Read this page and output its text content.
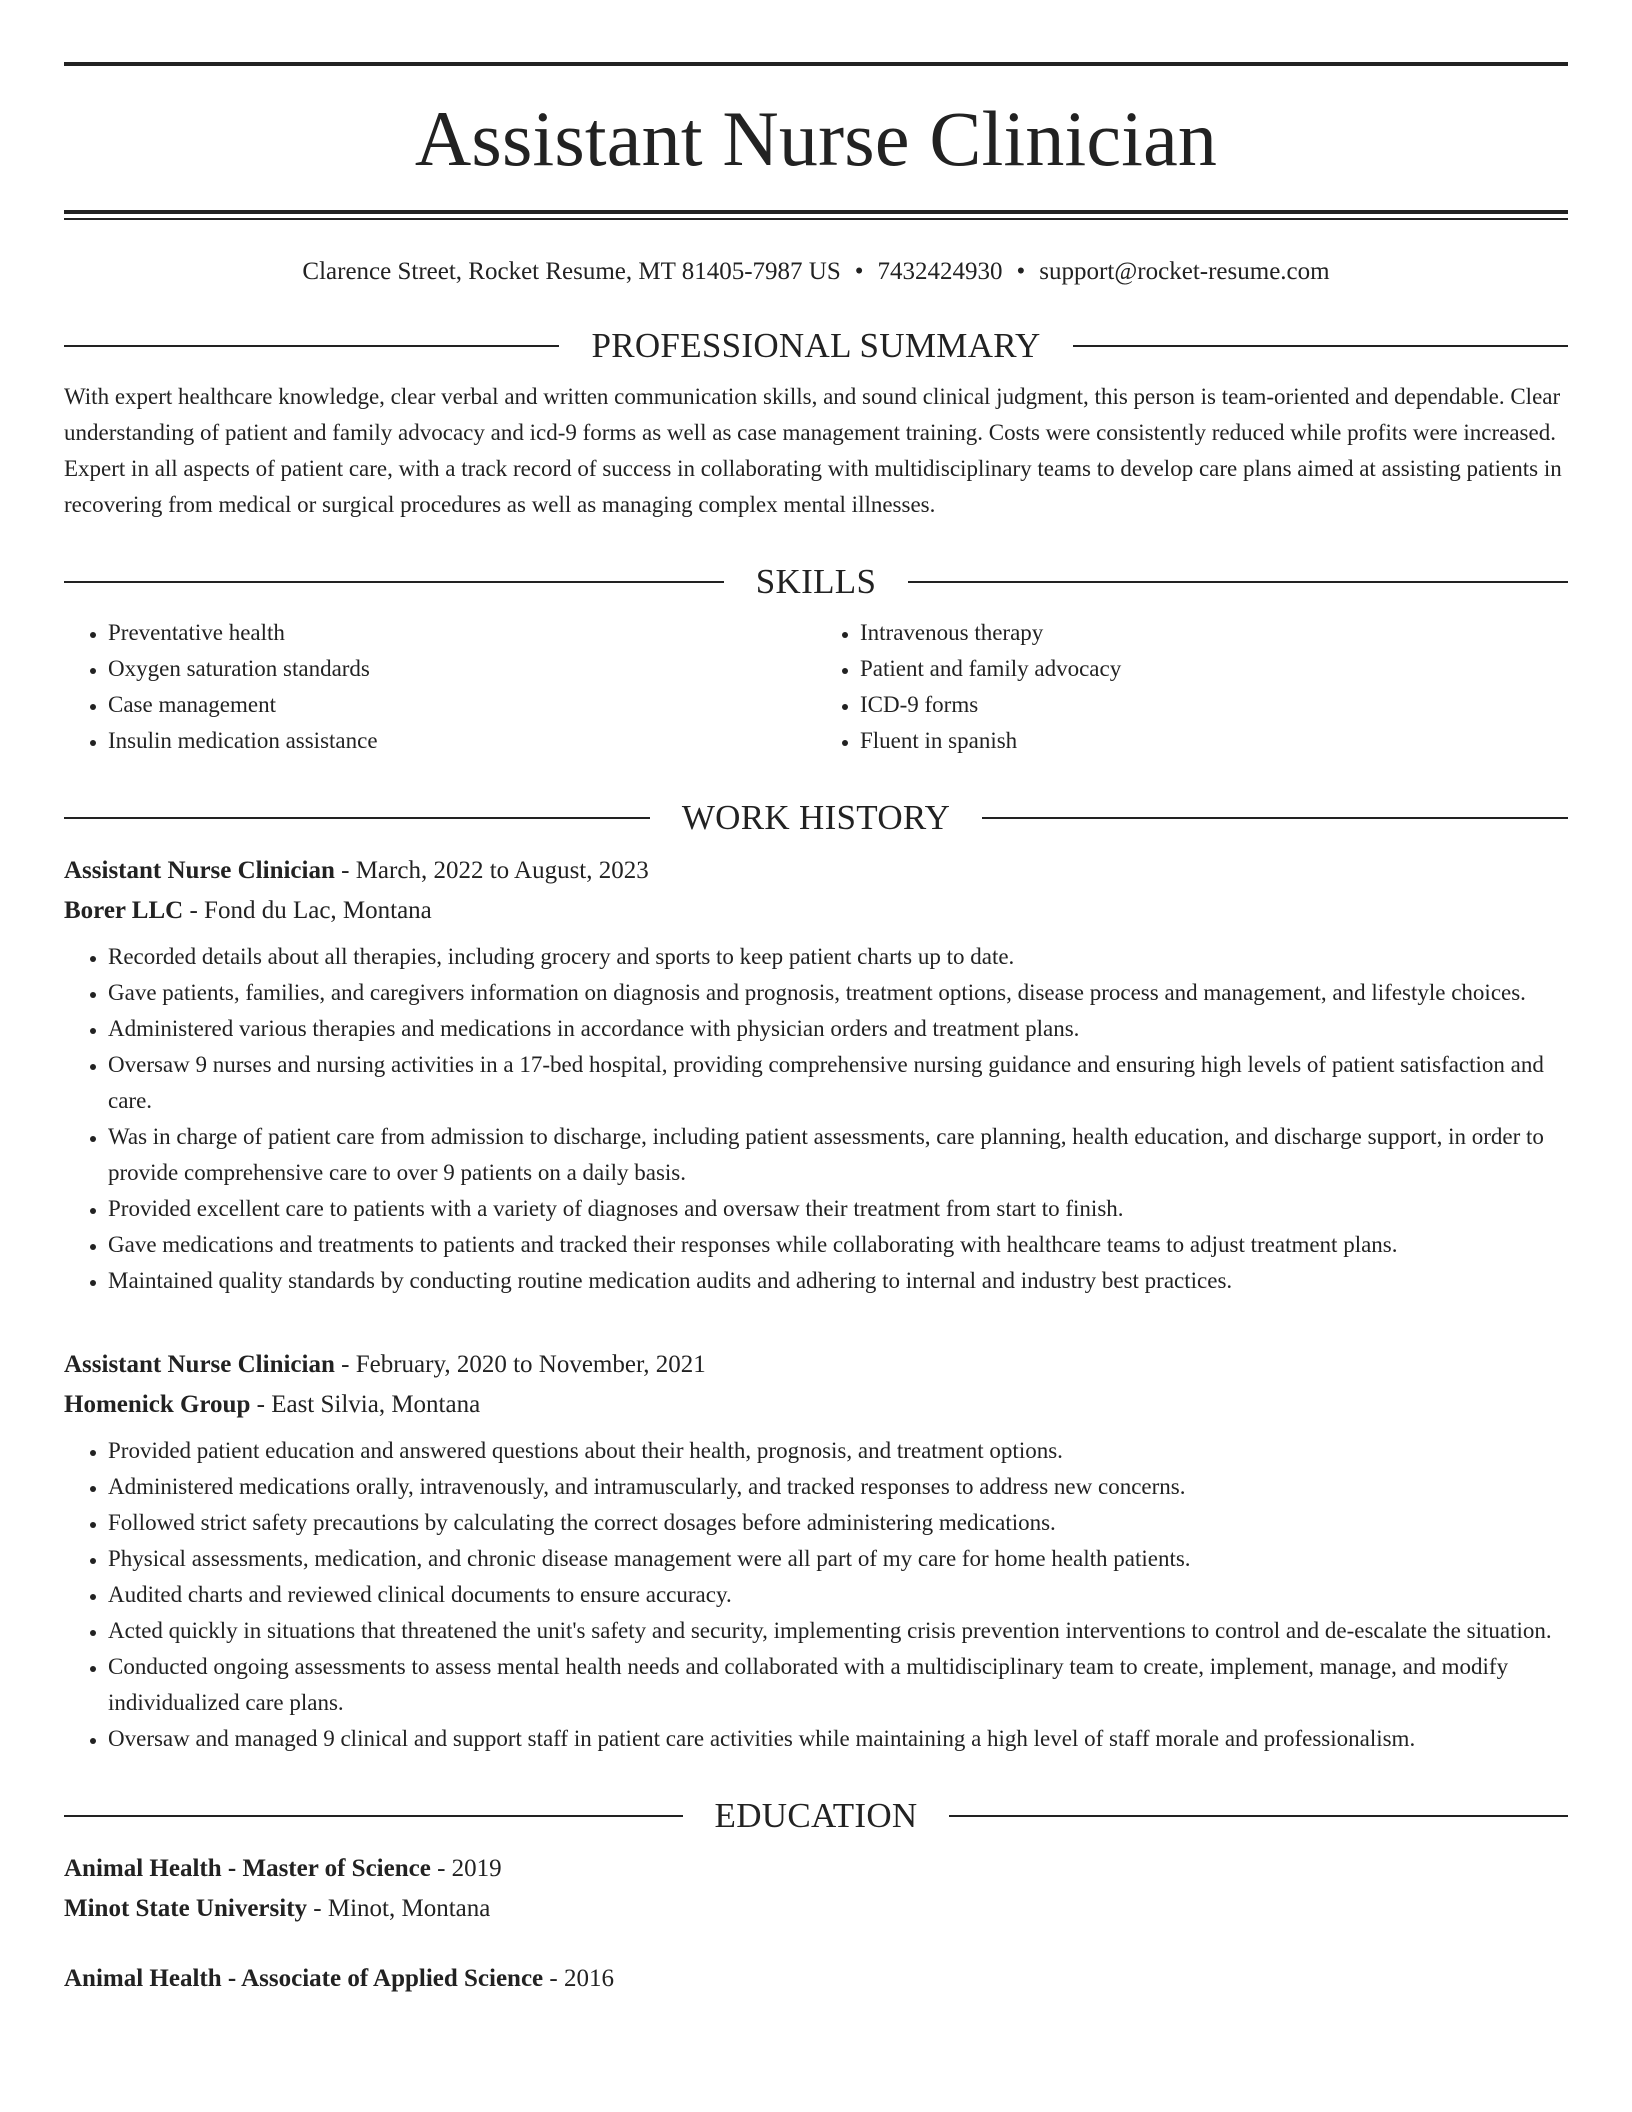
Assistant Nurse Clinician
Clarence Street, Rocket Resume, MT 81405-7987 US • 7432424930 • support@rocket-resume.com
PROFESSIONAL SUMMARY

With expert healthcare knowledge, clear verbal and written communication skills, and sound clinical judgment, this person is team-oriented and dependable. Clear understanding of patient and family advocacy and icd-9 forms as well as case management training. Costs were consistently reduced while profits were increased. Expert in all aspects of patient care, with a track record of success in collaborating with multidisciplinary teams to develop care plans aimed at assisting patients in recovering from medical or surgical procedures as well as managing complex mental illnesses.

SKILLS
• Preventative health
• Oxygen saturation standards
• Case management
• Insulin medication assistance
• Intravenous therapy
• Patient and family advocacy
• ICD-9 forms
• Fluent in spanish
WORK HISTORY
Assistant Nurse Clinician - March, 2022 to August, 2023
Borer LLC - Fond du Lac, Montana
• Recorded details about all therapies, including grocery and sports to keep patient charts up to date.
• Gave patients, families, and caregivers information on diagnosis and prognosis, treatment options, disease process and management, and lifestyle choices.
• Administered various therapies and medications in accordance with physician orders and treatment plans.
• Oversaw 9 nurses and nursing activities in a 17-bed hospital, providing comprehensive nursing guidance and ensuring high levels of patient satisfaction and care.
• Was in charge of patient care from admission to discharge, including patient assessments, care planning, health education, and discharge support, in order to provide comprehensive care to over 9 patients on a daily basis.
• Provided excellent care to patients with a variety of diagnoses and oversaw their treatment from start to finish.
• Gave medications and treatments to patients and tracked their responses while collaborating with healthcare teams to adjust treatment plans.
• Maintained quality standards by conducting routine medication audits and adhering to internal and industry best practices.
Assistant Nurse Clinician - February, 2020 to November, 2021
Homenick Group - East Silvia, Montana
• Provided patient education and answered questions about their health, prognosis, and treatment options.
• Administered medications orally, intravenously, and intramuscularly, and tracked responses to address new concerns.
• Followed strict safety precautions by calculating the correct dosages before administering medications.
• Physical assessments, medication, and chronic disease management were all part of my care for home health patients.
• Audited charts and reviewed clinical documents to ensure accuracy.
• Acted quickly in situations that threatened the unit's safety and security, implementing crisis prevention interventions to control and de-escalate the situation.
• Conducted ongoing assessments to assess mental health needs and collaborated with a multidisciplinary team to create, implement, manage, and modify individualized care plans.
• Oversaw and managed 9 clinical and support staff in patient care activities while maintaining a high level of staff morale and professionalism.
EDUCATION
Animal Health - Master of Science - 2019
Minot State University - Minot, Montana
Animal Health - Associate of Applied Science - 2016
